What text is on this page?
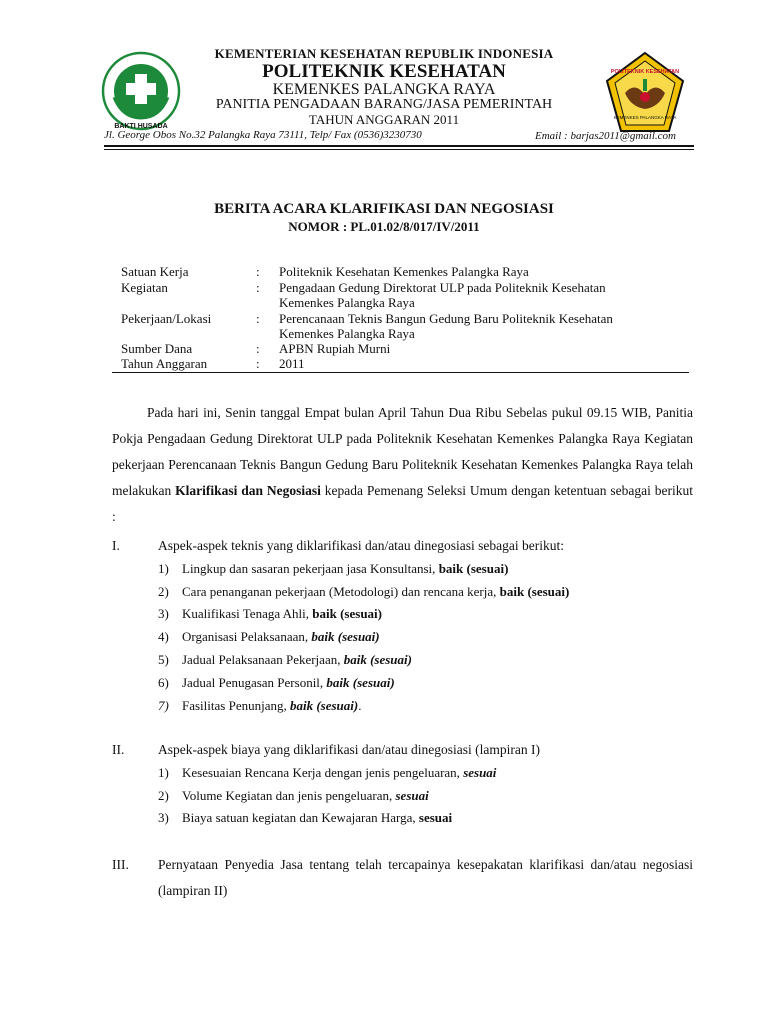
BAKTI HUSADA
POLITEKNIK KESEHATAN
KEMENKES PALANGKA RAYA
KEMENTERIAN KESEHATAN REPUBLIK INDONESIA
POLITEKNIK KESEHATAN
KEMENKES PALANGKA RAYA
PANITIA PENGADAAN BARANG/JASA PEMERINTAH
TAHUN ANGGARAN 2011
Jl. George Obos No.32 Palangka Raya 73111, Telp/ Fax (0536)3230730	Email : barjas2011@gmail.com
BERITA ACARA KLARIFIKASI DAN NEGOSIASI
NOMOR : PL.01.02/8/017/IV/2011
Satuan Kerja	: Politeknik Kesehatan Kemenkes Palangka Raya
Kegiatan	: Pengadaan Gedung Direktorat ULP pada Politeknik Kesehatan
Kemenkes Palangka Raya
Pekerjaan/Lokasi	: Perencanaan Teknis Bangun Gedung Baru Politeknik Kesehatan
Kemenkes Palangka Raya
Sumber Dana	: APBN Rupiah Murni
Tahun Anggaran	: 2011
Pada hari ini, Senin tanggal Empat bulan April Tahun Dua Ribu Sebelas pukul 09.15 WIB, Panitia Pokja Pengadaan Gedung Direktorat ULP pada Politeknik Kesehatan Kemenkes Palangka Raya Kegiatan pekerjaan Perencanaan Teknis Bangun Gedung Baru Politeknik Kesehatan Kemenkes Palangka Raya telah melakukan Klarifikasi dan Negosiasi kepada Pemenang Seleksi Umum dengan ketentuan sebagai berikut :
I.	Aspek-aspek teknis yang diklarifikasi dan/atau dinegosiasi sebagai berikut:
1) Lingkup dan sasaran pekerjaan jasa Konsultansi, baik (sesuai)
2) Cara penanganan pekerjaan (Metodologi) dan rencana kerja, baik (sesuai)
3) Kualifikasi Tenaga Ahli, baik (sesuai)
4) Organisasi Pelaksanaan, baik (sesuai)
5) Jadual Pelaksanaan Pekerjaan, baik (sesuai)
6) Jadual Penugasan Personil, baik (sesuai)
7) Fasilitas Penunjang, baik (sesuai).
II. Aspek-aspek biaya yang diklarifikasi dan/atau dinegosiasi (lampiran I)
1) Kesesuaian Rencana Kerja dengan jenis pengeluaran, sesuai
2) Volume Kegiatan dan jenis pengeluaran, sesuai
3) Biaya satuan kegiatan dan Kewajaran Harga, sesuai
III. Pernyataan Penyedia Jasa tentang telah tercapainya kesepakatan klarifikasi dan/atau negosiasi (lampiran II)
